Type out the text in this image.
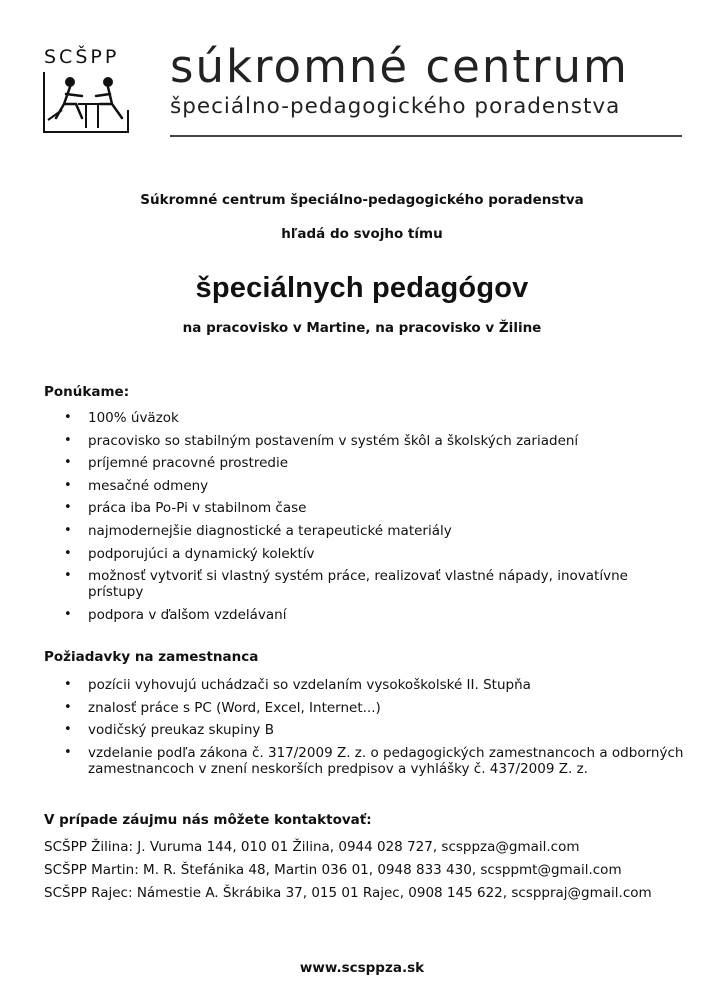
SCŠPP súkromné centrum
špeciálno-pedagogického poradenstva
Súkromné centrum špeciálno-pedagogického poradenstva
hľadá do svojho tímu
špeciálnych pedagógov
na pracovisko v Martine, na pracovisko v Žiline
Ponúkame:
• 100% úväzok
• pracovisko so stabilným postavením v systém škôl a školských zariadení
• príjemné pracovné prostredie
• mesačné odmeny
• práca iba Po-Pi v stabilnom čase
• najmodernejšie diagnostické a terapeutické materiály
• podporujúci a dynamický kolektív
• možnosť vytvoriť si vlastný systém práce, realizovať vlastné nápady, inovatívne prístupy
• podpora v ďalšom vzdelávaní
Požiadavky na zamestnanca
• pozícii vyhovujú uchádzači so vzdelaním vysokoškolské II. Stupňa
• znalosť práce s PC (Word, Excel, Internet...)
• vodičský preukaz skupiny B
• vzdelanie podľa zákona č. 317/2009 Z. z. o pedagogických zamestnancoch a odborných zamestnancoch v znení neskorších predpisov a vyhlášky č. 437/2009 Z. z.
V prípade záujmu nás môžete kontaktovať:
SCŠPP Žilina: J. Vuruma 144, 010 01 Žilina, 0944 028 727, scsppza@gmail.com
SCŠPP Martin: M. R. Štefánika 48, Martin 036 01, 0948 833 430, scsppmt@gmail.com
SCŠPP Rajec: Námestie A. Škrábika 37, 015 01 Rajec, 0908 145 622, scsppraj@gmail.com
www.scsppza.sk
